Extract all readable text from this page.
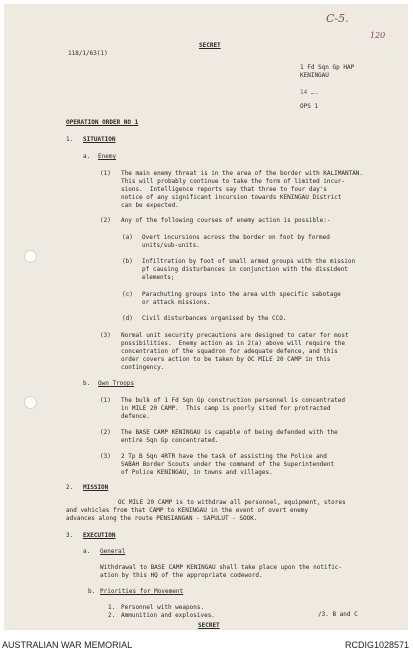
C-5.
120
118/1/63(1)
SECRET
1 Fd Sqn Gp HAP
KENINGAU
14 ….
OPS 1
OPERATION ORDER NO 1
1. SITUATION
a. Enemy
(1) The main enemy threat is in the area of the border with KALIMANTAN.
This will probably continue to take the form of limited incur-
sions.  Intelligence reports say that three to four day's
notice of any significant incursion towards KENINGAU District
can be expected.
(2) Any of the following courses of enemy action is possible:-
(a) Overt incursions across the border on foot by formed
units/sub-units.
(b) Infiltration by foot of small armed groups with the mission
pf causing disturbances in conjunction with the dissident
elements;
(c) Parachuting groups into the area with specific sabotage
or attack missions.
(d) Civil disturbances organised by the CCO.
(3) Normal unit security precautions are designed to cater for most
possibilities.  Enemy action as in 2(a) above will require the
concentration of the squadron for adequate defence, and this
order covers action to be taken by OC MILE 20 CAMP in this
contingency.
b. Own Troops
(1) The bulk of 1 Fd Sqn Gp construction personnel is concentrated
in MILE 20 CAMP.  This camp is poorly sited for protracted
defence.
(2) The BASE CAMP KENINGAU is capable of being defended with the
entire Sqn Gp concentrated.
(3) 2 Tp B Sqn 4RTR have the task of assisting the Police and
SABAH Border Scouts under the command of the Superintendent
of Police KENINGAU, in towns and villages.
2. MISSION
OC MILE 20 CAMP is to withdraw all personnel, equipment, stores
and vehicles from that CAMP to KENINGAU in the event of overt enemy
advances along the route PENSIANGAN - SAPULUT - SOOK.
3. EXECUTION
a. General
Withdrawal to BASE CAMP KENINGAU shall take place upon the notific-
ation by this HQ of the appropriate codeword.
b. Priorities for Movement
1. Personnel with weapons.
2. Ammunition and explosives.	/3. B and C
SECRET
AUSTRALIAN WAR MEMORIAL	RCDIG1028571
